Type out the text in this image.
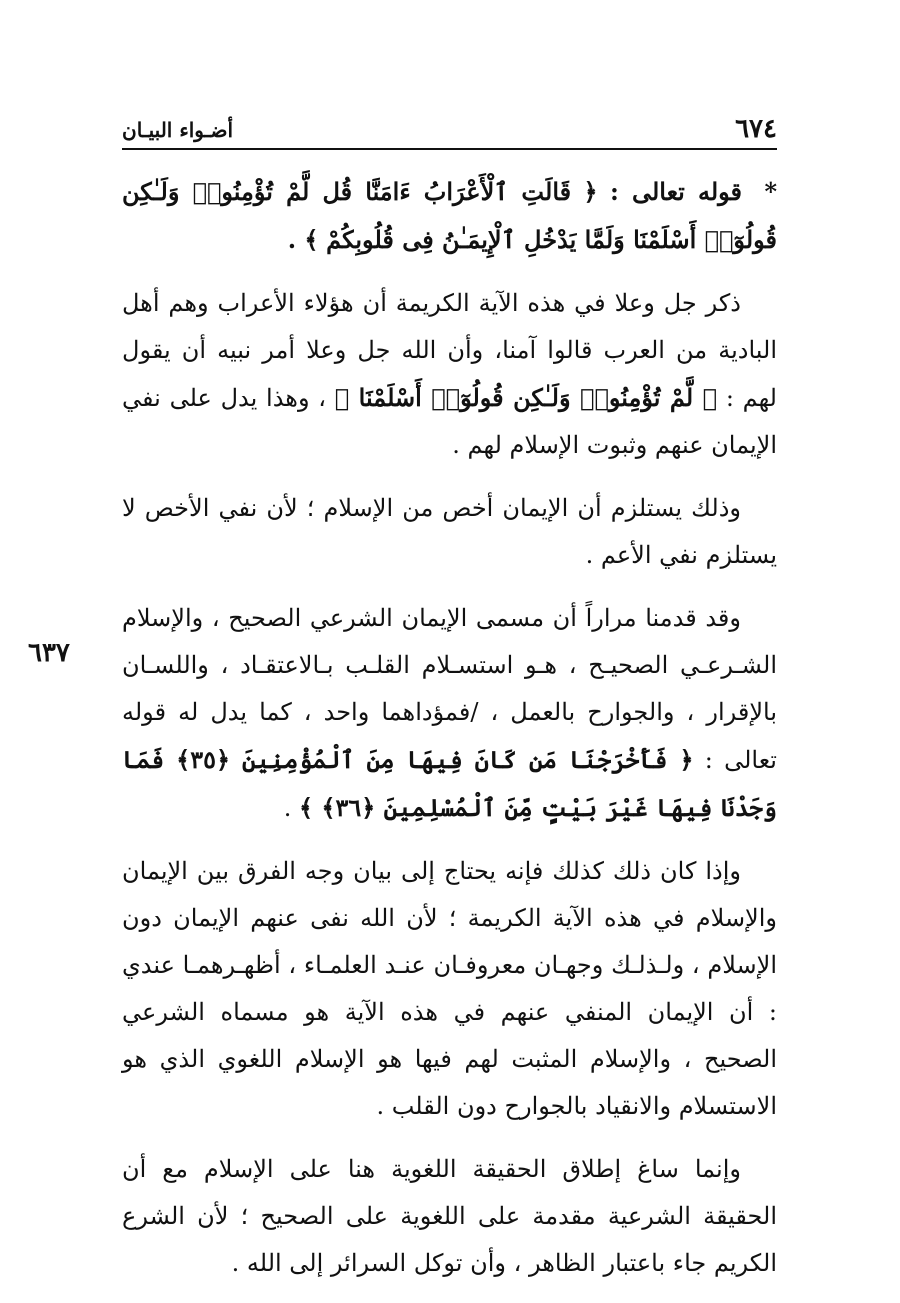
٦٧٤
أضـواء البيـان
٦٣٧

* قوله تعالى : ﴿ قَالَتِ ٱلْأَعْرَابُ ءَامَنَّا قُل لَّمْ تُؤْمِنُوا۟ وَلَـٰكِن قُولُوٓا۟ أَسْلَمْنَا وَلَمَّا يَدْخُلِ ٱلْإِيمَـٰنُ فِى قُلُوبِكُمْ ﴾ .

ذكر جل وعلا في هذه الآية الكريمة أن هؤلاء الأعراب وهم أهل البادية من العرب قالوا آمنا، وأن الله جل وعلا أمر نبيه أن يقول لهم : ﴿ لَّمْ تُؤْمِنُوا۟ وَلَـٰكِن قُولُوٓا۟ أَسْلَمْنَا ﴾ ، وهذا يدل على نفي الإيمان عنهم وثبوت الإسلام لهم .

وذلك يستلزم أن الإيمان أخص من الإسلام ؛ لأن نفي الأخص لا يستلزم نفي الأعم .

وقد قدمنا مراراً أن مسمى الإيمان الشرعي الصحيح ، والإسلام الشـرعـي الصحيـح ، هـو استسـلام القلـب بـالاعتقـاد ، واللسـان بالإقرار ، والجوارح بالعمل ، /فمؤداهما واحد ، كما يدل له قوله تعالى : ﴿ فَأَخْرَجْنَا مَن كَانَ فِيهَا مِنَ ٱلْمُؤْمِنِينَ ﴿٣٥﴾ فَمَا وَجَدْنَا فِيهَا غَيْرَ بَيْتٍ مِّنَ ٱلْمُسْلِمِينَ ﴿٣٦﴾ ﴾ .

وإذا كان ذلك كذلك فإنه يحتاج إلى بيان وجه الفرق بين الإيمان والإسلام في هذه الآية الكريمة ؛ لأن الله نفى عنهم الإيمان دون الإسلام ، ولـذلـك وجهـان معروفـان عنـد العلمـاء ، أظهـرهمـا عندي : أن الإيمان المنفي عنهم في هذه الآية هو مسماه الشرعي الصحيح ، والإسلام المثبت لهم فيها هو الإسلام اللغوي الذي هو الاستسلام والانقياد بالجوارح دون القلب .

وإنما ساغ إطلاق الحقيقة اللغوية هنا على الإسلام مع أن الحقيقة الشرعية مقدمة على اللغوية على الصحيح ؛ لأن الشرع الكريم جاء باعتبار الظاهر ، وأن توكل السرائر إلى الله .
